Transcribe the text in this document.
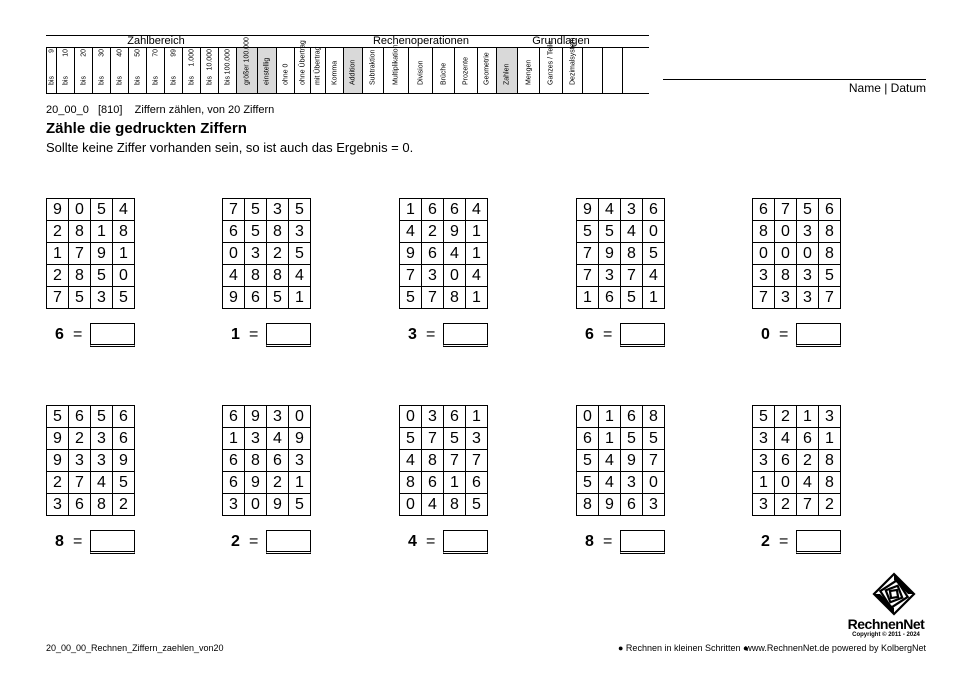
Zahlbereich	Rechenoperationen	Grundlagen
9
bis
10
bis
20
bis
30
bis
40
bis
50
bis
70
bis
99
bis
1.000
bis
10.000
bis
100.000
bis größer 100.000 einstellig ohne 0 ohne Übertrag mit Übertrag Komma Addition Subtraktion Multiplikation	Division Brüche Prozente Geometrie Zahlen Mengen Ganzes / Teile Dezimalsystem
Name | Datum
20_00_0   [810]    Ziffern zählen, von 20 Ziffern
Zähle die gedruckten Ziffern
Sollte keine Ziffer vorhanden sein, so ist auch das Ergebnis = 0.
9	0	5	4
2	8	1	8
1	7	9	1
2	8	5	0
7	5	3	5
6 =
7	5	3	5
6	5	8	3
0	3	2	5
4	8	8	4
9	6	5	1
1 =
1	6	6	4
4	2	9	1
9	6	4	1
7	3	0	4
5	7	8	1
3 =
9	4	3	6
5	5	4	0
7	9	8	5
7	3	7	4
1	6	5	1
6 =
6	7	5	6
8	0	3	8
0	0	0	8
3	8	3	5
7	3	3	7
0 =
5	6	5	6
9	2	3	6
9	3	3	9
2	7	4	5
3	6	8	2
8 =
6	9	3	0
1	3	4	9
6	8	6	3
6	9	2	1
3	0	9	5
2 =
0	3	6	1
5	7	5	3
4	8	7	7
8	6	1	6
0	4	8	5
4 =
0	1	6	8
6	1	5	5
5	4	9	7
5	4	3	0
8	9	6	3
8 =
5	2	1	3
3	4	6	1
3	6	2	8
1	0	4	8
3	2	7	2
2 =
20_00_00_Rechnen_Ziffern_zaehlen_von20	● Rechnen in kleinen Schritten ●
www.RechnenNet.de powered by KolbergNet
RechnenNet
Copyright © 2011 - 2024
